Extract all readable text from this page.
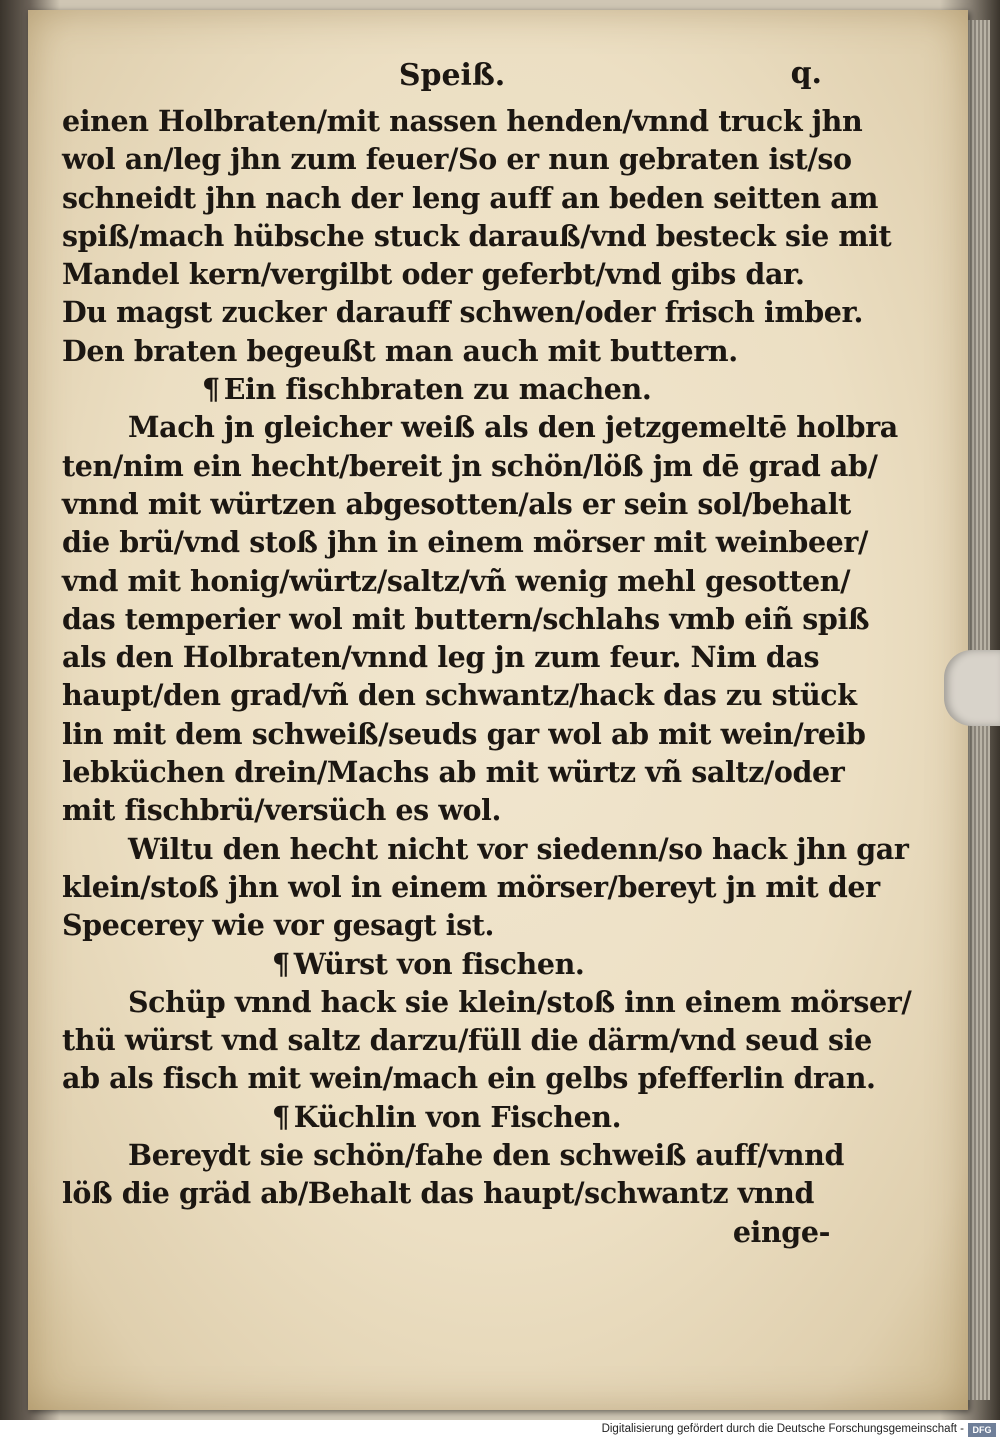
Speiß.	q.
einen Holbraten/mit nassen henden/vnnd truck jhn
wol an/leg jhn zum feuer/So er nun gebraten ist/so
schneidt jhn nach der leng auff an beden seitten am
spiß/mach hübsche stuck darauß/vnd besteck sie mit
Mandel kern/vergilbt oder geferbt/vnd gibs dar.
Du magst zucker darauff schwen/oder frisch imber.
Den braten begeußt man auch mit buttern.
¶ Ein fischbraten zu machen.
Mach jn gleicher weiß als den jetzgemeltē holbra
ten/nim ein hecht/bereit jn schön/löß jm dē grad ab/
vnnd mit würtzen abgesotten/als er sein sol/behalt
die brü/vnd stoß jhn in einem mörser mit weinbeer/
vnd mit honig/würtz/saltz/vñ wenig mehl gesotten/
das temperier wol mit buttern/schlahs vmb eiñ spiß
als den Holbraten/vnnd leg jn zum feur. Nim das
haupt/den grad/vñ den schwantz/hack das zu stück
lin mit dem schweiß/seuds gar wol ab mit wein/reib
lebküchen drein/Machs ab mit würtz vñ saltz/oder
mit fischbrü/versüch es wol.
Wiltu den hecht nicht vor siedenn/so hack jhn gar
klein/stoß jhn wol in einem mörser/bereyt jn mit der
Specerey wie vor gesagt ist.
¶ Würst von fischen.
Schüp vnnd hack sie klein/stoß inn einem mörser/
thü würst vnd saltz darzu/füll die därm/vnd seud sie
ab als fisch mit wein/mach ein gelbs pfefferlin dran.
¶ Küchlin von Fischen.
Bereydt sie schön/fahe den schweiß auff/vnnd
löß die gräd ab/Behalt das haupt/schwantz vnnd
einge-
Digitalisierung gefördert durch die Deutsche Forschungsgemeinschaft - DFG
